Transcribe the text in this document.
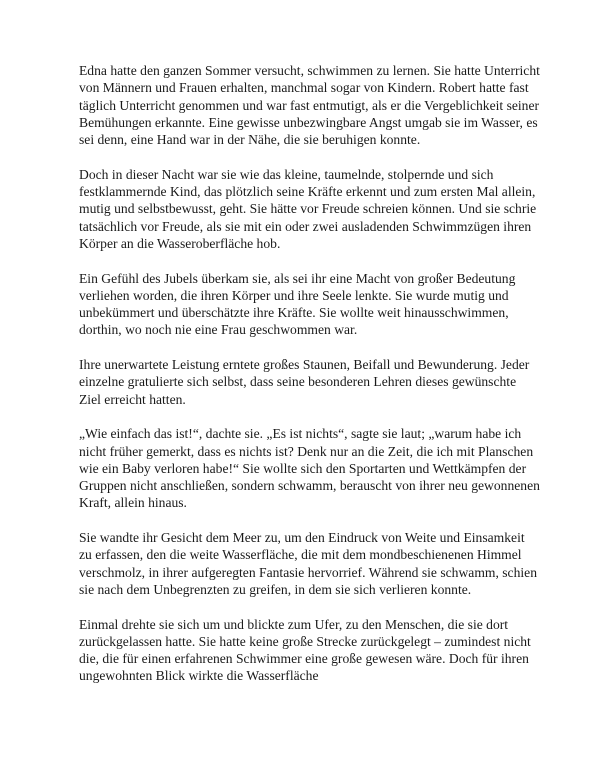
Edna hatte den ganzen Sommer versucht, schwimmen zu lernen. Sie hatte Unterricht von Männern und Frauen erhalten, manchmal sogar von Kindern. Robert hatte fast täglich Unterricht genommen und war fast entmutigt, als er die Vergeblichkeit seiner Bemühungen erkannte. Eine gewisse unbezwingbare Angst umgab sie im Wasser, es sei denn, eine Hand war in der Nähe, die sie beruhigen konnte.

Doch in dieser Nacht war sie wie das kleine, taumelnde, stolpernde und sich festklammernde Kind, das plötzlich seine Kräfte erkennt und zum ersten Mal allein, mutig und selbstbewusst, geht. Sie hätte vor Freude schreien können. Und sie schrie tatsächlich vor Freude, als sie mit ein oder zwei ausladenden Schwimmzügen ihren Körper an die Wasseroberfläche hob.

Ein Gefühl des Jubels überkam sie, als sei ihr eine Macht von großer Bedeutung verliehen worden, die ihren Körper und ihre Seele lenkte. Sie wurde mutig und unbekümmert und überschätzte ihre Kräfte. Sie wollte weit hinausschwimmen, dorthin, wo noch nie eine Frau geschwommen war.

Ihre unerwartete Leistung erntete großes Staunen, Beifall und Bewunderung. Jeder einzelne gratulierte sich selbst, dass seine besonderen Lehren dieses gewünschte Ziel erreicht hatten.

„Wie einfach das ist!“, dachte sie. „Es ist nichts“, sagte sie laut; „warum habe ich nicht früher gemerkt, dass es nichts ist? Denk nur an die Zeit, die ich mit Planschen wie ein Baby verloren habe!“ Sie wollte sich den Sportarten und Wettkämpfen der Gruppen nicht anschließen, sondern schwamm, berauscht von ihrer neu gewonnenen Kraft, allein hinaus.

Sie wandte ihr Gesicht dem Meer zu, um den Eindruck von Weite und Einsamkeit zu erfassen, den die weite Wasserfläche, die mit dem mondbeschienenen Himmel verschmolz, in ihrer aufgeregten Fantasie hervorrief. Während sie schwamm, schien sie nach dem Unbegrenzten zu greifen, in dem sie sich verlieren konnte.

Einmal drehte sie sich um und blickte zum Ufer, zu den Menschen, die sie dort zurückgelassen hatte. Sie hatte keine große Strecke zurückgelegt – zumindest nicht die, die für einen erfahrenen Schwimmer eine große gewesen wäre. Doch für ihren ungewohnten Blick wirkte die Wasserfläche
